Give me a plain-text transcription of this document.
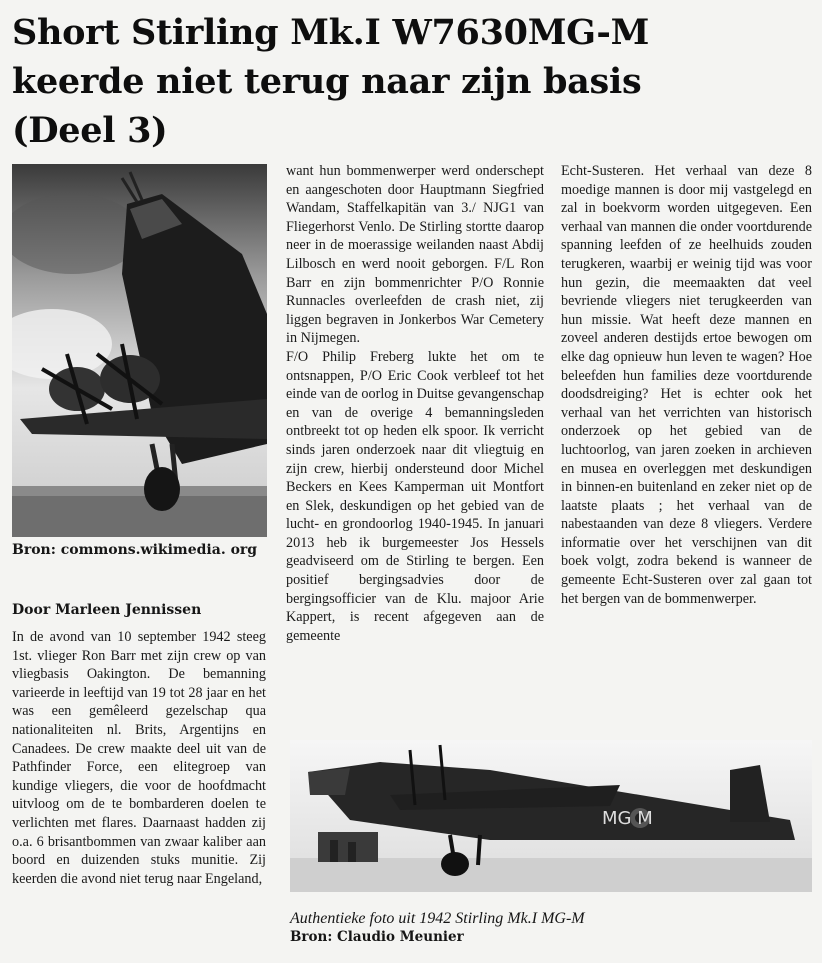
Short Stirling Mk.I W7630MG-M
keerde niet terug naar zijn basis
(Deel 3)
Bron: commons.wikimedia. org
Door Marleen Jennissen

In de avond van 10 september 1942 steeg 1st. vlieger Ron Barr met zijn crew op van vliegbasis Oakington. De bemanning varieerde in leeftijd van 19 tot 28 jaar en het was een gemêleerd gezelschap qua nationaliteiten nl. Brits, Argentijns en Canadees. De crew maakte deel uit van de Pathfinder Force, een elitegroep van kundige vliegers, die voor de hoofdmacht uitvloog om de te bombarderen doelen te verlichten met flares. Daarnaast hadden zij o.a. 6 brisantbommen van zwaar kaliber aan boord en duizenden stuks munitie. Zij keerden die avond niet terug naar Engeland,

want hun bommenwerper werd onderschept en aangeschoten door Hauptmann Siegfried Wandam, Staffelkapitän van 3./ NJG1 van Fliegerhorst Venlo. De Stirling stortte daarop neer in de moerassige weilanden naast Abdij Lilbosch en werd nooit geborgen. F/L Ron Barr en zijn bommenrichter P/O Ronnie Runnacles overleefden de crash niet, zij liggen begraven in Jonkerbos War Cemetery in Nijmegen.

F/O Philip Freberg lukte het om te ontsnappen, P/O Eric Cook verbleef tot het einde van de oorlog in Duitse gevangenschap en van de overige 4 bemanningsleden ontbreekt tot op heden elk spoor. Ik verricht sinds jaren onderzoek naar dit vliegtuig en zijn crew, hierbij ondersteund door Michel Beckers en Kees Kamperman uit Montfort en Slek, deskundigen op het gebied van de lucht- en grondoorlog 1940-1945. In januari 2013 heb ik burgemeester Jos Hessels geadviseerd om de Stirling te bergen. Een positief bergingsadvies door de bergingsofficier van de Klu. majoor Arie Kappert, is recent afgegeven aan de gemeente

Echt-Susteren. Het verhaal van deze 8 moedige mannen is door mij vastgelegd en zal in boekvorm worden uitgegeven. Een verhaal van mannen die onder voortdurende spanning leefden of ze heelhuids zouden terugkeren, waarbij er weinig tijd was voor hun gezin, die meemaakten dat veel bevriende vliegers niet terugkeerden van hun missie. Wat heeft deze mannen en zoveel anderen destijds ertoe bewogen om elke dag opnieuw hun leven te wagen? Hoe beleefden hun families deze voortdurende doodsdreiging? Het is echter ook het verhaal van het verrichten van historisch onderzoek op het gebied van de luchtoorlog, van jaren zoeken in archieven en musea en overleggen met deskundigen in binnen-en buitenland en zeker niet op de laatste plaats ; het verhaal van de nabestaanden van deze 8 vliegers. Verdere informatie over het verschijnen van dit boek volgt, zodra bekend is wanneer de gemeente Echt-Susteren over zal gaan tot het bergen van de bommenwerper.

MG M
Authentieke foto uit 1942 Stirling Mk.I MG-M
Bron: Claudio Meunier
